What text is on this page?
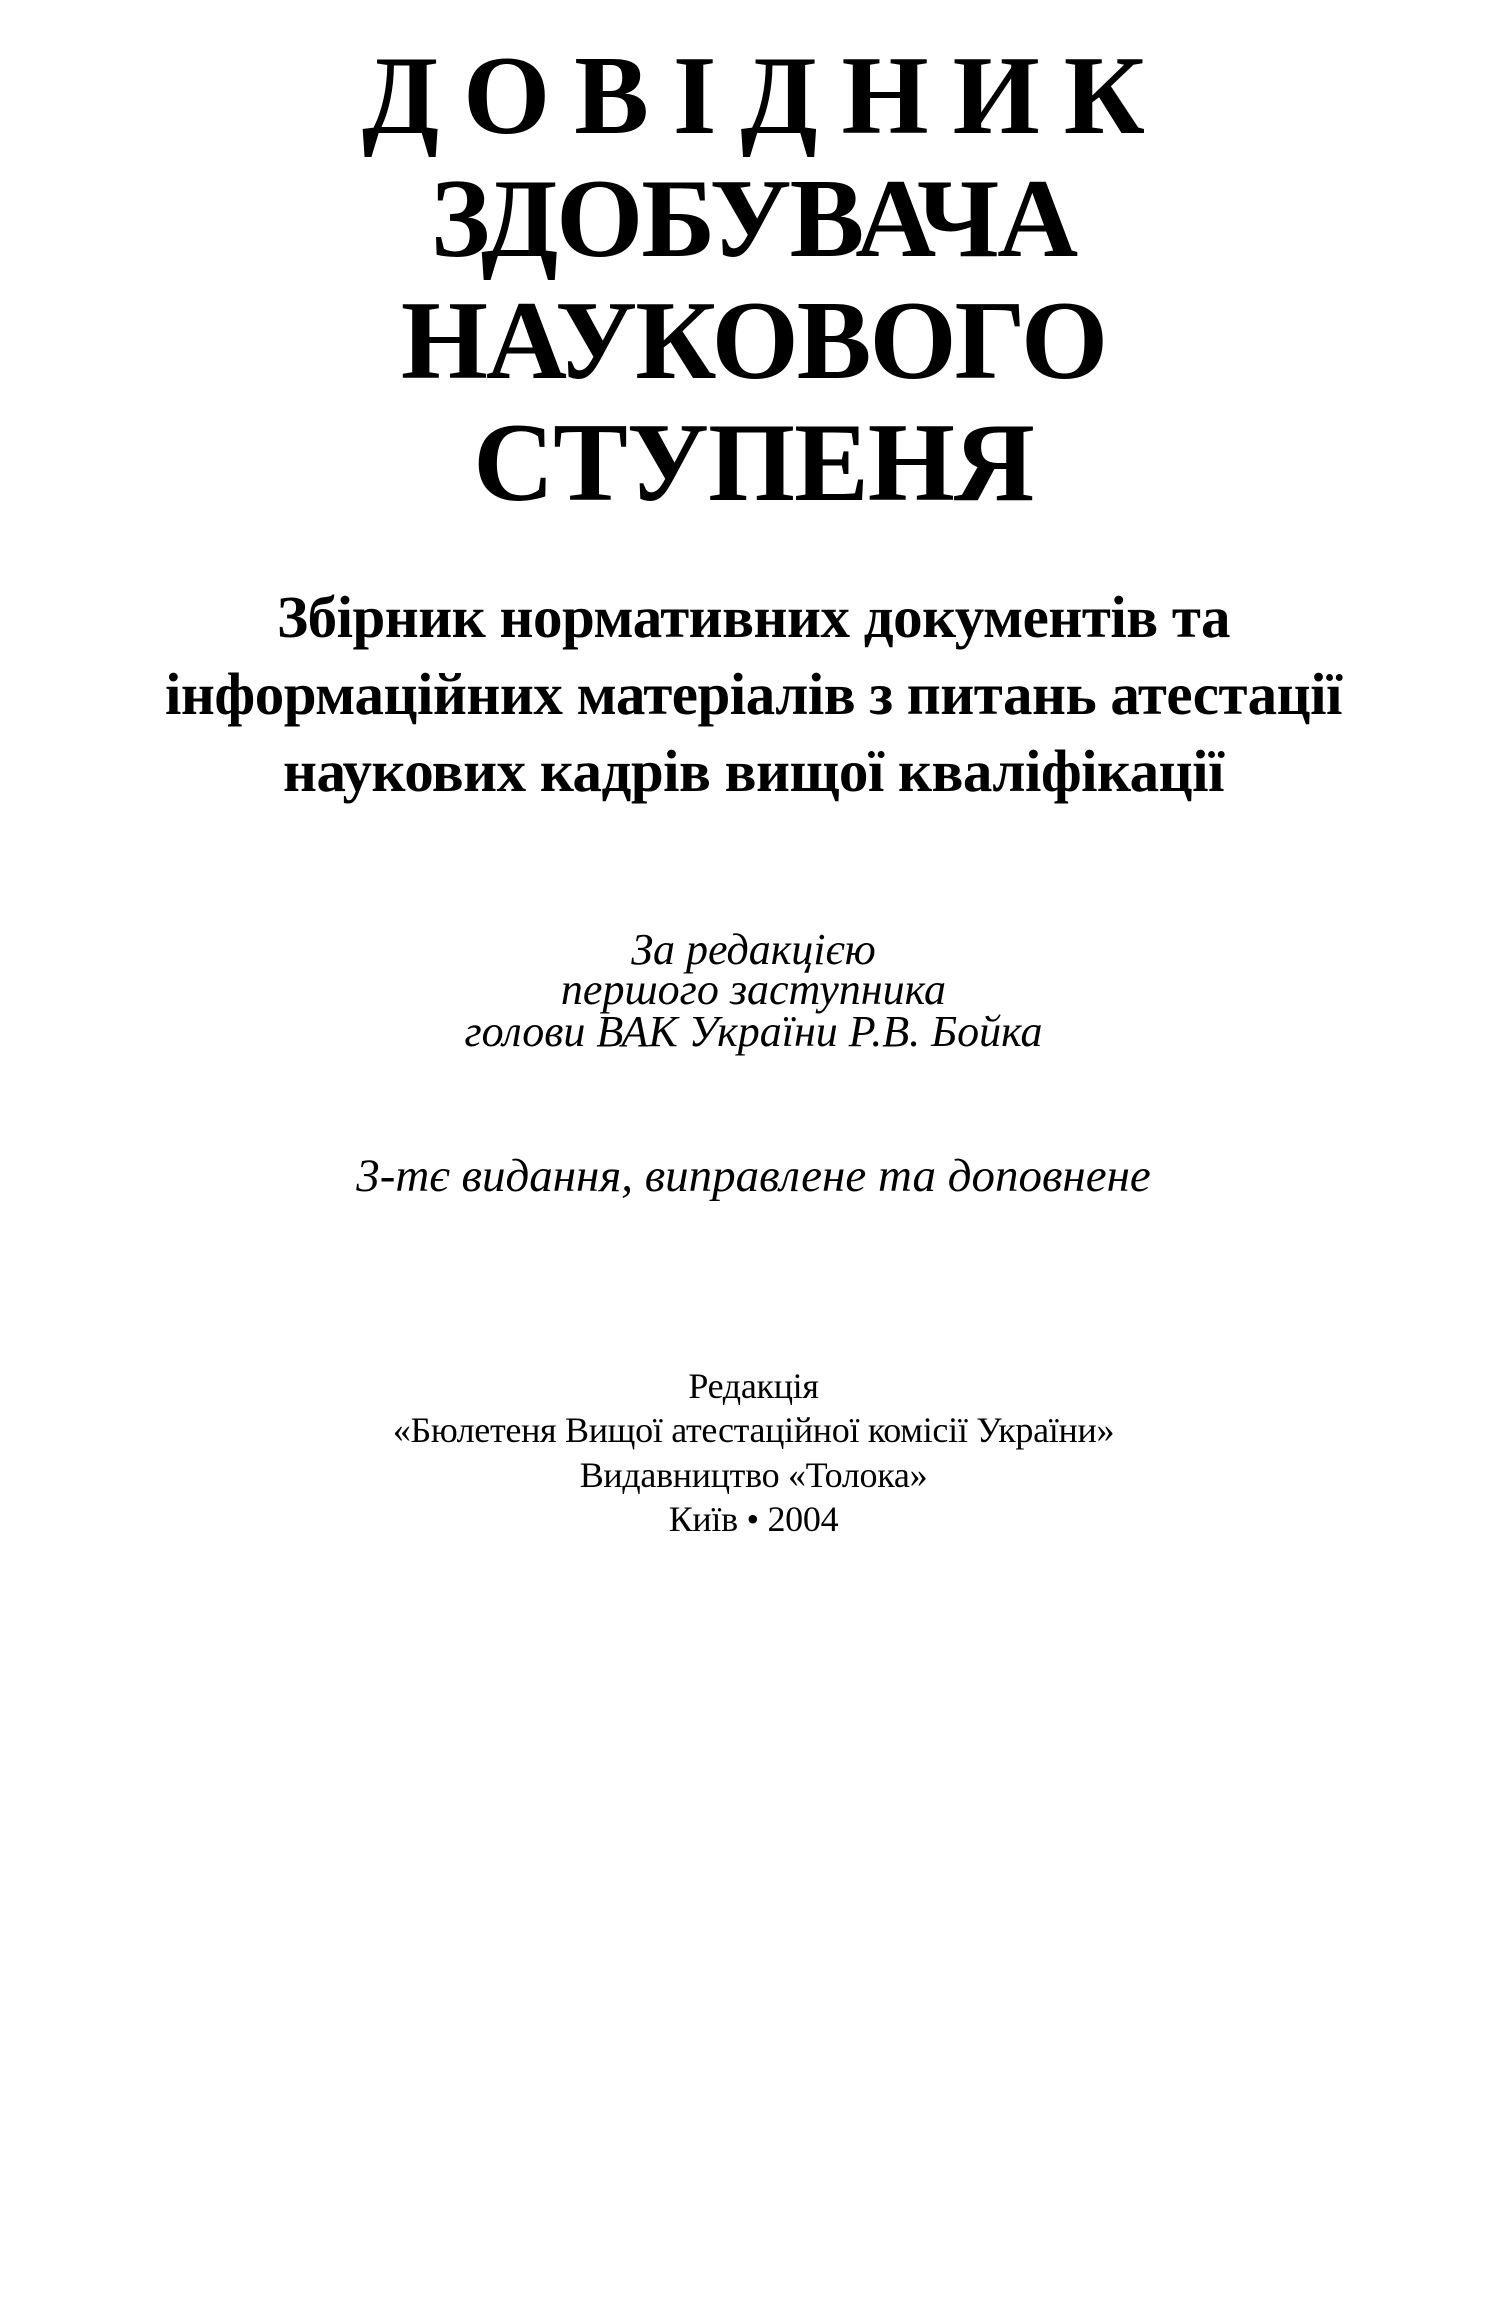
ДОВІДНИК
ЗДОБУВАЧА
НАУКОВОГО
СТУПЕНЯ
Збірник нормативних документів та
інформаційних матеріалів з питань атестації
наукових кадрів вищої кваліфікації
За редакцією
першого заступника
голови ВАК України Р.В. Бойка
3-тє видання, виправлене та доповнене
Редакція
«Бюлетеня Вищої атестаційної комісії України»
Видавництво «Толока»
Київ • 2004
